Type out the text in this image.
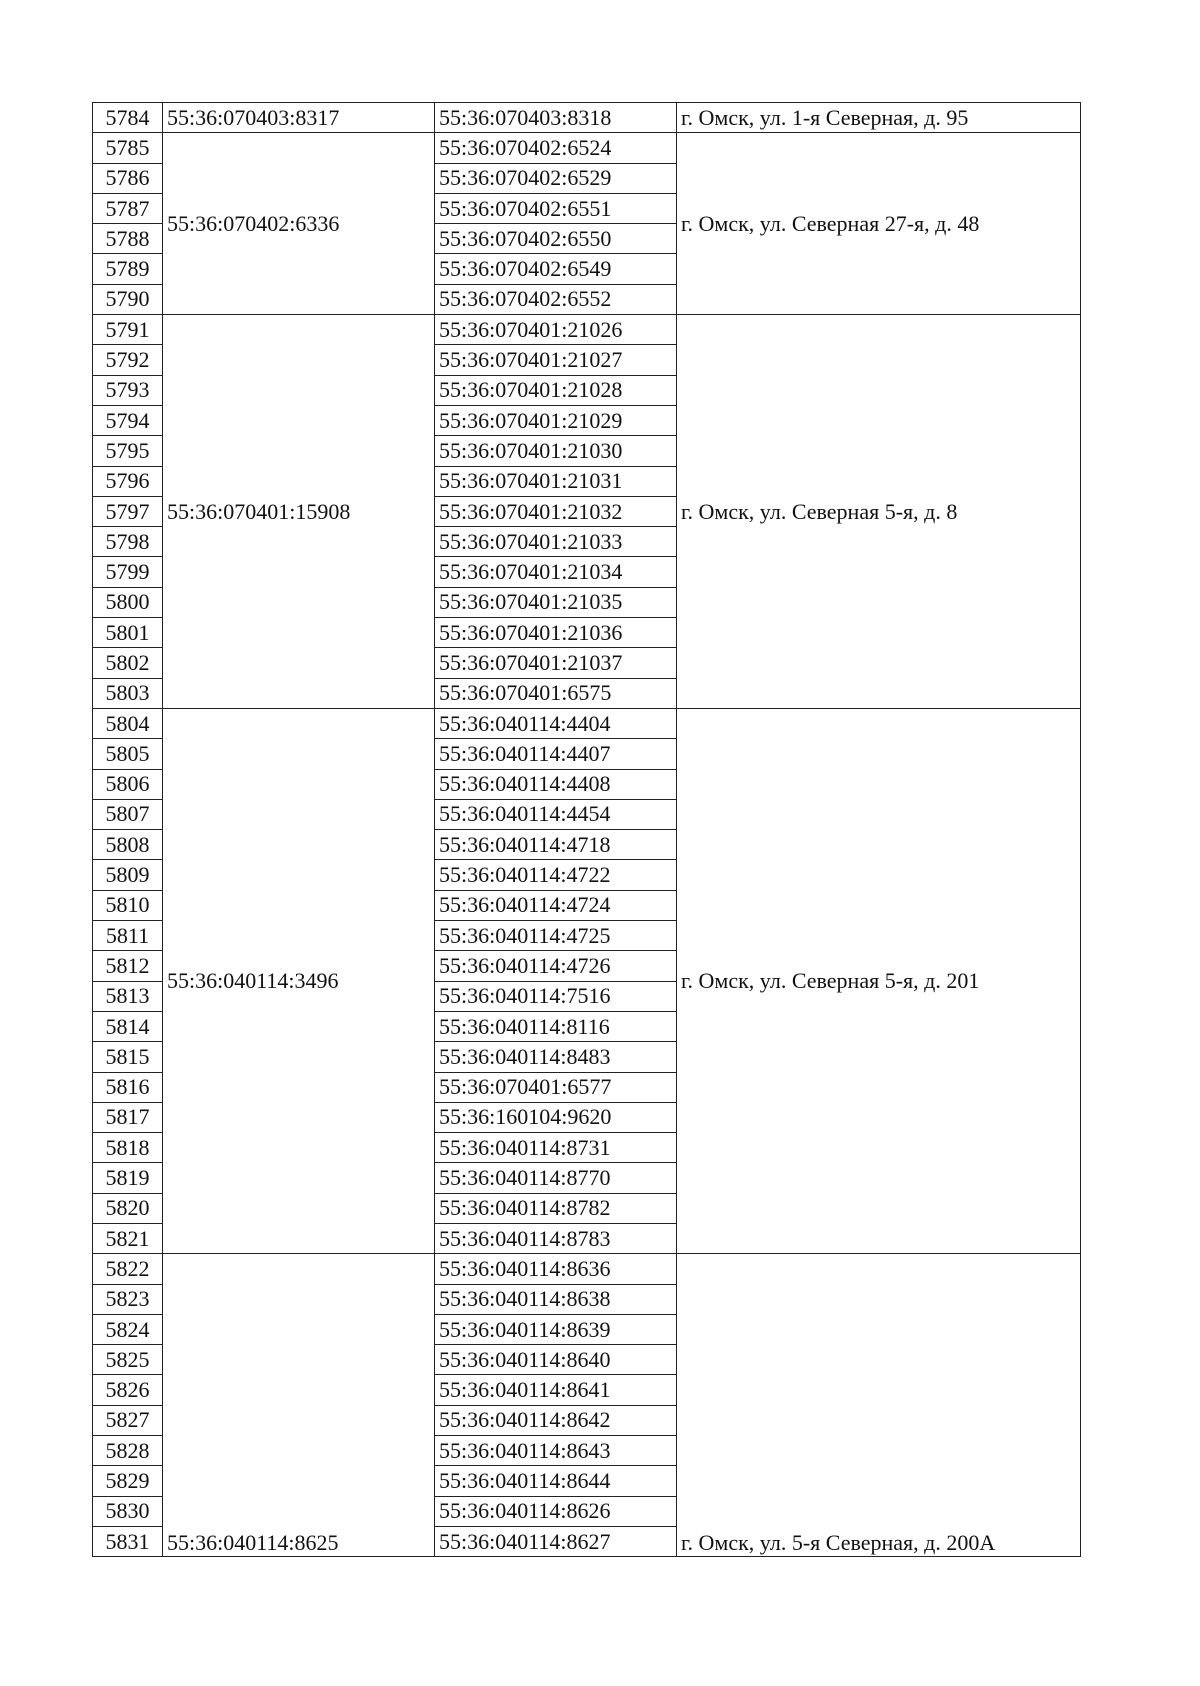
5784	55:36:070403:8317	55:36:070403:8318	г. Омск, ул. 1-я Северная, д. 95
5785	55:36:070402:6336	55:36:070402:6524	г. Омск, ул. Северная 27-я, д. 48
5786		55:36:070402:6529	
5787		55:36:070402:6551	
5788		55:36:070402:6550	
5789		55:36:070402:6549	
5790		55:36:070402:6552	
5791	55:36:070401:15908	55:36:070401:21026	г. Омск, ул. Северная 5-я, д. 8
5792		55:36:070401:21027	
5793		55:36:070401:21028	
5794		55:36:070401:21029	
5795		55:36:070401:21030	
5796		55:36:070401:21031	
5797		55:36:070401:21032	
5798		55:36:070401:21033	
5799		55:36:070401:21034	
5800		55:36:070401:21035	
5801		55:36:070401:21036	
5802		55:36:070401:21037	
5803		55:36:070401:6575	
5804	55:36:040114:3496	55:36:040114:4404	г. Омск, ул. Северная 5-я, д. 201
5805		55:36:040114:4407	
5806		55:36:040114:4408	
5807		55:36:040114:4454	
5808		55:36:040114:4718	
5809		55:36:040114:4722	
5810		55:36:040114:4724	
5811		55:36:040114:4725	
5812		55:36:040114:4726	
5813		55:36:040114:7516	
5814		55:36:040114:8116	
5815		55:36:040114:8483	
5816		55:36:070401:6577	
5817		55:36:160104:9620	
5818		55:36:040114:8731	
5819		55:36:040114:8770	
5820		55:36:040114:8782	
5821		55:36:040114:8783	
5822	55:36:040114:8625	55:36:040114:8636	г. Омск, ул. 5-я Северная, д. 200А
5823		55:36:040114:8638	
5824		55:36:040114:8639	
5825		55:36:040114:8640	
5826		55:36:040114:8641	
5827		55:36:040114:8642	
5828		55:36:040114:8643	
5829		55:36:040114:8644	
5830		55:36:040114:8626	
5831		55:36:040114:8627	
